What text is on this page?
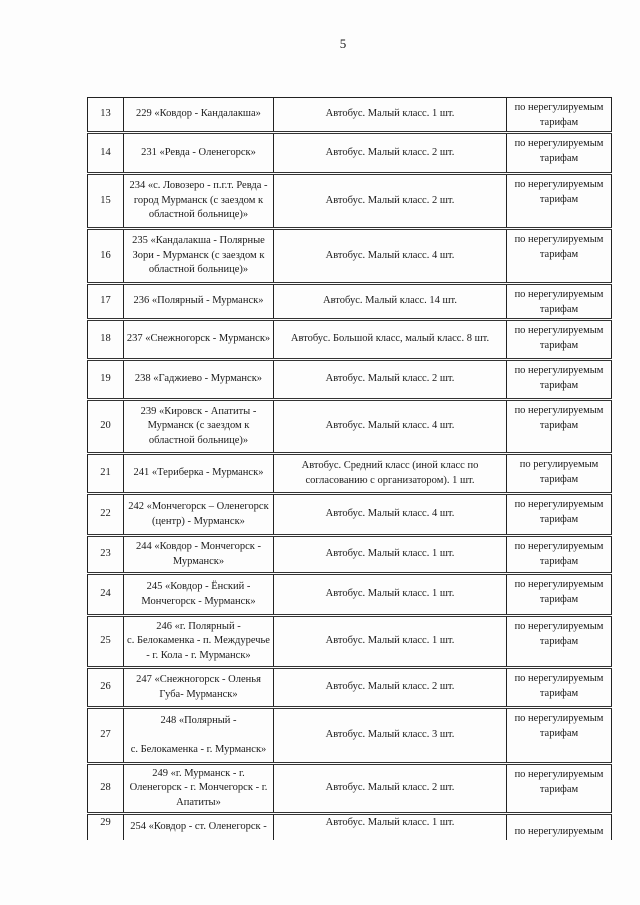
5
13	229 «Ковдор - Кандалакша»	Автобус. Малый класс. 1 шт.	по нерегулируемым
тарифам
14	231 «Ревда - Оленегорск»	Автобус. Малый класс. 2 шт.	по нерегулируемым
тарифам
15	234 «с. Ловозеро - п.г.т. Ревда -
город Мурманск (с заездом к
областной больнице)»	Автобус. Малый класс. 2 шт.	по нерегулируемым
тарифам
16	235 «Кандалакша - Полярные
Зори - Мурманск (с заездом к
областной больнице)»	Автобус. Малый класс. 4 шт.	по нерегулируемым
тарифам
17	236 «Полярный - Мурманск»	Автобус. Малый класс. 14 шт.	по нерегулируемым
тарифам
18	237 «Снежногорск - Мурманск»	Автобус. Большой класс, малый класс. 8 шт.	по нерегулируемым
тарифам
19	238 «Гаджиево - Мурманск»	Автобус. Малый класс. 2 шт.	по нерегулируемым
тарифам
20	239 «Кировск - Апатиты -
Мурманск (с заездом к
областной больнице)»	Автобус. Малый класс. 4 шт.	по нерегулируемым
тарифам
21	241 «Териберка - Мурманск»	Автобус. Средний класс (иной класс по
согласованию с организатором). 1 шт.	по регулируемым
тарифам
22	242 «Мончегорск – Оленегорск
(центр) - Мурманск»	Автобус. Малый класс. 4 шт.	по нерегулируемым
тарифам
23	244 «Ковдор - Мончегорск -
Мурманск»	Автобус. Малый класс. 1 шт.	по нерегулируемым
тарифам
24	245 «Ковдор - Ёнский -
Мончегорск - Мурманск»	Автобус. Малый класс. 1 шт.	по нерегулируемым
тарифам
25	246 «г. Полярный -
с. Белокаменка - п. Междуречье
- г. Кола - г. Мурманск»	Автобус. Малый класс. 1 шт.	по нерегулируемым
тарифам
26	247 «Снежногорск - Оленья
Губа- Мурманск»	Автобус. Малый класс. 2 шт.	по нерегулируемым
тарифам
27	248 «Полярный -

с. Белокаменка - г. Мурманск»	Автобус. Малый класс. 3 шт.	по нерегулируемым
тарифам
28	249 «г. Мурманск - г.
Оленегорск - г. Мончегорск - г.
Апатиты»	Автобус. Малый класс. 2 шт.	по нерегулируемым
тарифам
29	254 «Ковдор - ст. Оленегорск -	Автобус. Малый класс. 1 шт.	по нерегулируемым
